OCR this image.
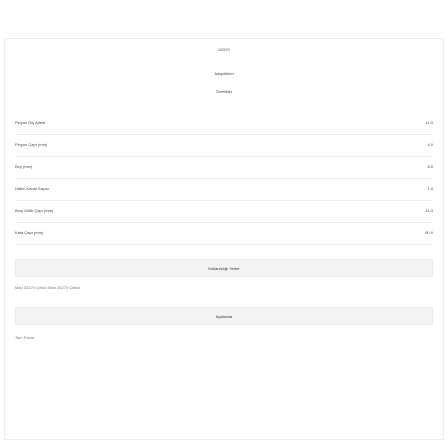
5Z093
Adaptörleri
Özellikler
Pinyon Diş Adedi	11.0
Pinyon Çapı (mm)	4.0
Boy (mm)	8.5
Hatlın Kanal Sayısı	1.0
Burç Delik Çapı (mm)	14.3
Kafa Çapı (mm)	60.0
Kullanıldığı Yerler
Man 33270 Çekici Man 26270 Çekici
Açıklama
Tam Frene
